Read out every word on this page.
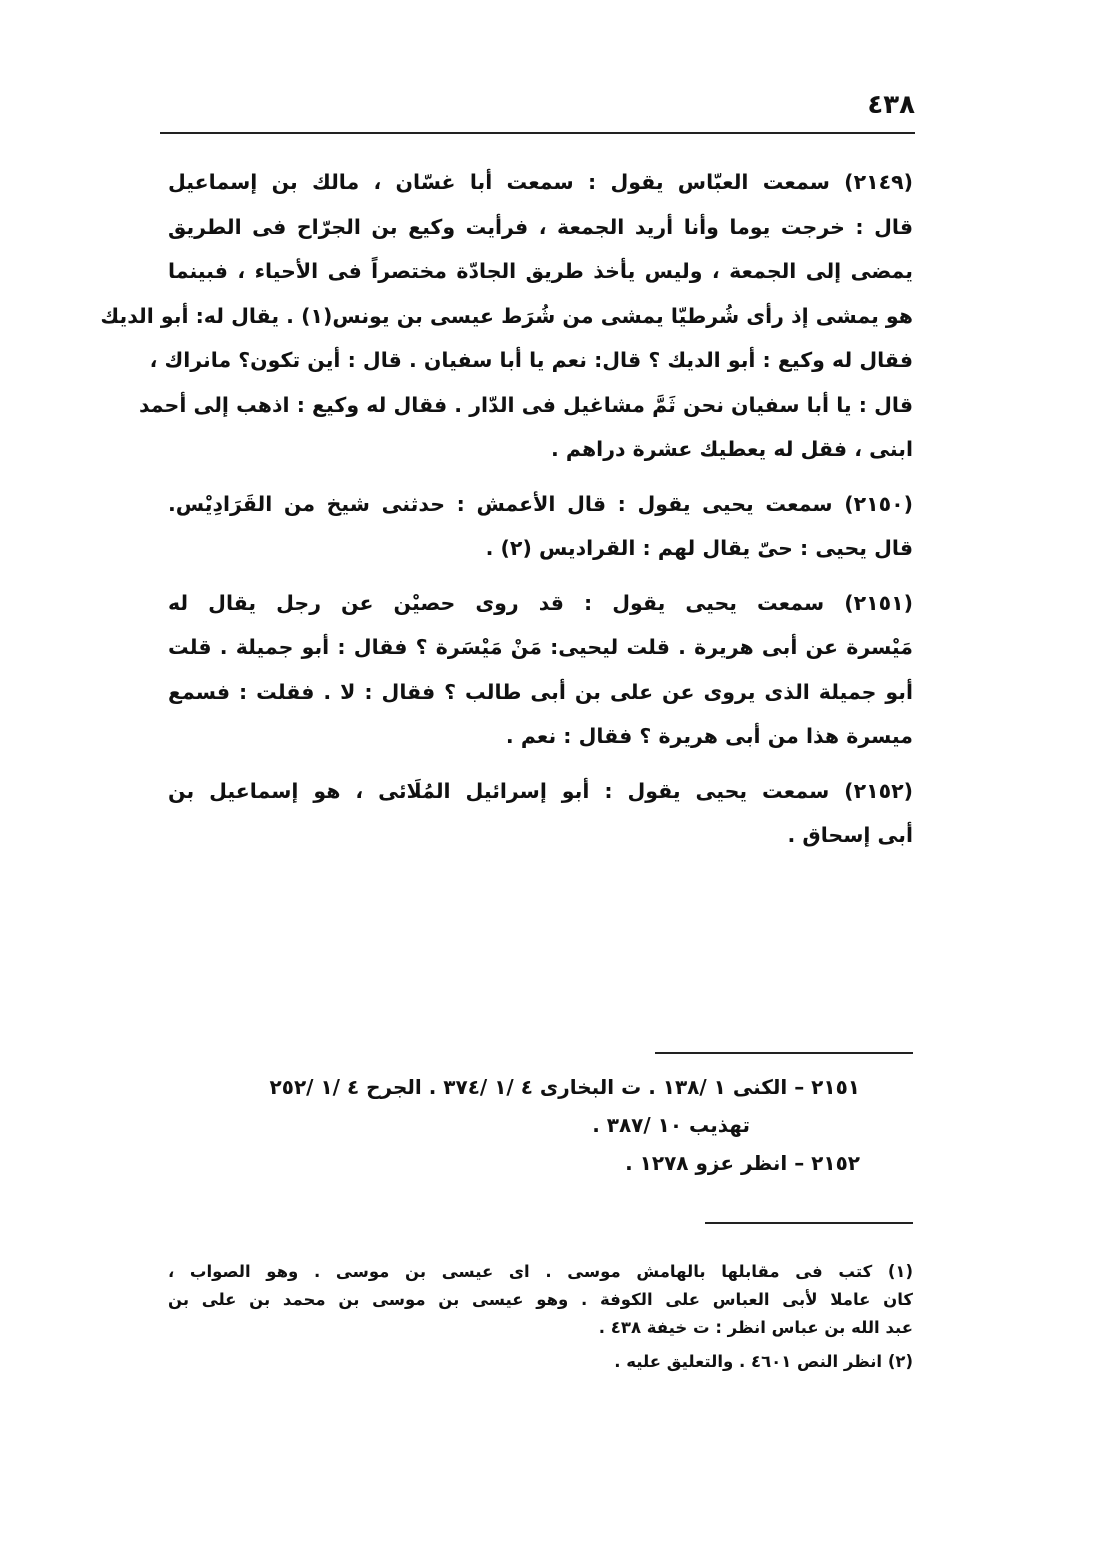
٤٣٨
(٢١٤٩) سمعت العبّاس يقول : سمعت أبا غسّان ، مالك بن إسماعيل
قال : خرجت يوما وأنا أريد الجمعة ، فرأيت وكيع بن الجرّاح فى الطريق
يمضى إلى الجمعة ، وليس يأخذ طريق الجادّة مختصراً فى الأحياء ، فبينما
هو يمشى إذ رأى شُرطيّا يمشى من شُرَط عيسى بن يونس(١) . يقال له: أبو الديك
فقال له وكيع : أبو الديك ؟ قال: نعم يا أبا سفيان . قال : أين تكون؟ مانراك ،
قال : يا أبا سفيان نحن ثَمَّ مشاغيل فى الدّار . فقال له وكيع : اذهب إلى أحمد
ابنى ، فقل له يعطيك عشرة دراهم .
(٢١٥٠) سمعت يحيى يقول : قال الأعمش : حدثنى شيخ من القَرَادِيْس.
قال يحيى : حىّ يقال لهم : القراديس (٢) .
(٢١٥١) سمعت يحيى يقول : قد روى حصيْن عن رجل يقال له
مَيْسرة عن أبى هريرة . قلت ليحيى: مَنْ مَيْسَرة ؟ فقال : أبو جميلة . قلت
أبو جميلة الذى يروى عن على بن أبى طالب ؟ فقال : لا . فقلت : فسمع
ميسرة هذا من أبى هريرة ؟ فقال : نعم .
(٢١٥٢) سمعت يحيى يقول : أبو إسرائيل المُلَائى ، هو إسماعيل بن
أبى إسحاق .
٢١٥١ – الكنى ١ /١٣٨ . ت البخارى ٤ /١ /٣٧٤ . الجرح ٤ /١ /٢٥٢
تهذيب ١٠ /٣٨٧ .
٢١٥٢ – انظر عزو ١٢٧٨ .
(١) كتب فى مقابلها بالهامش موسى . اى عيسى بن موسى . وهو الصواب ،
كان عاملا لأبى العباس على الكوفة . وهو عيسى بن موسى بن محمد بن على بن
عبد الله بن عباس انظر : ت خيفة ٤٣٨ .
(٢) انظر النص ٤٦٠١ . والتعليق عليه .
